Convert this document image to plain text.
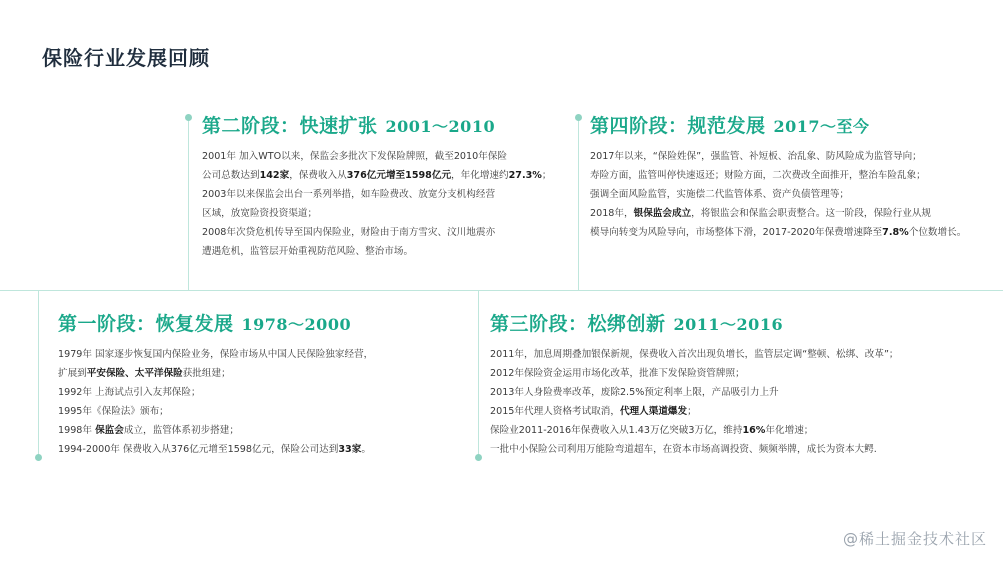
保险行业发展回顾
第二阶段：快速扩张 2001～2010
2001年 加入WTO以来，保监会多批次下发保险牌照，截至2010年保险
公司总数达到142家，保费收入从376亿元增至1598亿元，年化增速约27.3%；
2003年以来保监会出台一系列举措，如车险费改、放宽分支机构经营
区域，放宽险资投资渠道；
2008年次贷危机传导至国内保险业，财险由于南方雪灾、汶川地震亦
遭遇危机，监管层开始重视防范风险、整治市场。
第四阶段：规范发展 2017～至今
2017年以来，“保险姓保”，强监管、补短板、治乱象、防风险成为监管导向；
寿险方面，监管叫停快速返还；财险方面，二次费改全面推开，整治车险乱象；
强调全面风险监管，实施偿二代监管体系、资产负债管理等；
2018年，银保监会成立，将银监会和保监会职责整合。这一阶段，保险行业从规
模导向转变为风险导向，市场整体下滑，2017-2020年保费增速降至7.8%个位数增长。
第一阶段：恢复发展 1978～2000
1979年 国家逐步恢复国内保险业务，保险市场从中国人民保险独家经营，
扩展到平安保险、太平洋保险获批组建；
1992年 上海试点引入友邦保险；
1995年《保险法》颁布；
1998年 保监会成立，监管体系初步搭建；
1994-2000年 保费收入从376亿元增至1598亿元，保险公司达到33家。
第三阶段：松绑创新 2011～2016
2011年，加息周期叠加银保新规，保费收入首次出现负增长，监管层定调“整顿、松绑、改革”；
2012年保险资金运用市场化改革，批准下发保险资管牌照；
2013年人身险费率改革，废除2.5%预定利率上限，产品吸引力上升
2015年代理人资格考试取消，代理人渠道爆发；
保险业2011-2016年保费收入从1.43万亿突破3万亿，维持16%年化增速；
一批中小保险公司利用万能险弯道超车，在资本市场高调投资、频频举牌，成长为资本大鳄.
@稀土掘金技术社区
